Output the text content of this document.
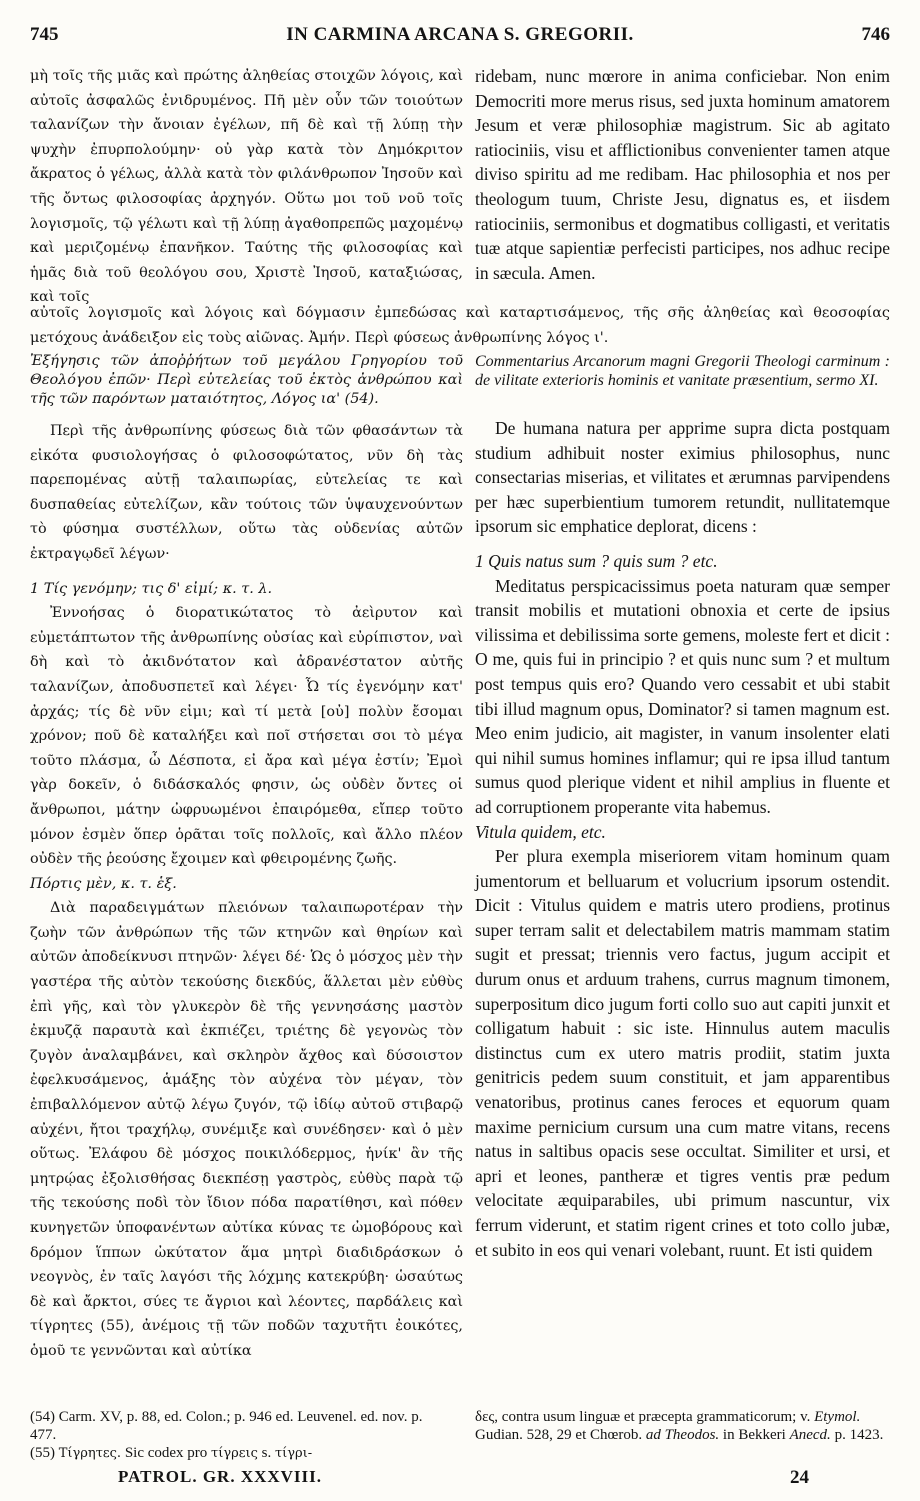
745	IN CARMINA ARCANA S. GREGORII.	746

μὴ τοῖς τῆς μιᾶς καὶ πρώτης ἀληθείας στοιχῶν λόγοις, καὶ αὐτοῖς ἀσφαλῶς ἐνιδρυμένος. Πῆ μὲν οὖν τῶν τοιούτων ταλανίζων τὴν ἄνοιαν ἐγέλων, πῆ δὲ καὶ τῇ λύπῃ τὴν ψυχὴν ἐπυρπολούμην· οὐ γὰρ κατὰ τὸν Δημόκριτον ἄκρατος ὁ γέλως, ἀλλὰ κατὰ τὸν φιλάνθρωπον Ἰησοῦν καὶ τῆς ὄντως φιλοσοφίας ἀρχηγόν. Οὕτω μοι τοῦ νοῦ τοῖς λογισμοῖς, τῷ γέλωτι καὶ τῇ λύπῃ ἀγαθοπρεπῶς μαχομένῳ καὶ μεριζομένῳ ἐπανῆκον. Ταύτης τῆς φιλοσοφίας καὶ ἡμᾶς διὰ τοῦ θεολόγου σου, Χριστὲ Ἰησοῦ, καταξιώσας, καὶ τοῖς

ridebam, nunc mœrore in anima conficiebar. Non enim Democriti more merus risus, sed juxta hominum amatorem Jesum et veræ philosophiæ magistrum. Sic ab agitato ratiociniis, visu et afflictionibus convenienter tamen atque diviso spiritu ad me redibam. Hac philosophia et nos per theologum tuum, Christe Jesu, dignatus es, et iisdem ratiociniis, sermonibus et dogmatibus colligasti, et veritatis tuæ atque sapientiæ perfecisti participes, nos adhuc recipe in sæcula. Amen.

αὐτοῖς λογισμοῖς καὶ λόγοις καὶ δόγμασιν ἐμπεδώσας καὶ καταρτισάμενος, τῆς σῆς ἀληθείας καὶ θεοσοφίας μετόχους ἀνάδειξον εἰς τοὺς αἰῶνας. Ἀμήν. Περὶ φύσεως ἀνθρωπίνης λόγος ι'.

Ἐξήγησις τῶν ἀποῤῥήτων τοῦ μεγάλου Γρηγορίου τοῦ Θεολόγου ἐπῶν· Περὶ εὐτελείας τοῦ ἐκτὸς ἀνθρώπου καὶ τῆς τῶν παρόντων ματαιότητος, Λόγος ια' (54).

Περὶ τῆς ἀνθρωπίνης φύσεως διὰ τῶν φθασάντων τὰ εἰκότα φυσιολογήσας ὁ φιλοσοφώτατος, νῦν δὴ τὰς παρεπομένας αὐτῇ ταλαιπωρίας, εὐτελείας τε καὶ δυσπαθείας εὐτελίζων, κἂν τούτοις τῶν ὑψαυχενούντων τὸ φύσημα συστέλλων, οὕτω τὰς οὐδενίας αὐτῶν ἐκτραγῳδεῖ λέγων·

1 Τίς γενόμην; τις δ' εἰμί; κ. τ. λ.

Ἐννοήσας ὁ διορατικώτατος τὸ ἀεὶρυτον καὶ εὐμετάπτωτον τῆς ἀνθρωπίνης οὐσίας καὶ εὐρίπιστον, ναὶ δὴ καὶ τὸ ἀκιδνότατον καὶ ἀδρανέστατον αὐτῆς ταλανίζων, ἀποδυσπετεῖ καὶ λέγει· Ὦ τίς ἐγενόμην κατ' ἀρχάς; τίς δὲ νῦν εἰμι; καὶ τί μετὰ [οὐ] πολὺν ἔσομαι χρόνον; ποῦ δὲ καταλήξει καὶ ποῖ στήσεται σοι τὸ μέγα τοῦτο πλάσμα, ὦ Δέσποτα, εἰ ἄρα καὶ μέγα ἐστίν; Ἐμοὶ γὰρ δοκεῖν, ὁ διδάσκαλός φησιν, ὡς οὐδὲν ὄντες οἱ ἄνθρωποι, μάτην ὠφρυωμένοι ἐπαιρόμεθα, εἴπερ τοῦτο μόνον ἐσμὲν ὅπερ ὁρᾶται τοῖς πολλοῖς, καὶ ἄλλο πλέον οὐδὲν τῆς ῥεούσης ἔχοιμεν καὶ φθειρομένης ζωῆς.

Πόρτις μὲν, κ. τ. ἑξ.

Διὰ παραδειγμάτων πλειόνων ταλαιπωροτέραν τὴν ζωὴν τῶν ἀνθρώπων τῆς τῶν κτηνῶν καὶ θηρίων καὶ αὐτῶν ἀποδείκνυσι πτηνῶν· λέγει δέ· Ὡς ὁ μόσχος μὲν τὴν γαστέρα τῆς αὐτὸν τεκούσης διεκδύς, ἅλλεται μὲν εὐθὺς ἐπὶ γῆς, καὶ τὸν γλυκερὸν δὲ τῆς γεννησάσης μαστὸν ἐκμυζᾷ παραυτὰ καὶ ἐκπιέζει, τριέτης δὲ γεγονὼς τὸν ζυγὸν ἀναλαμβάνει, καὶ σκληρὸν ἄχθος καὶ δύσοιστον ἐφελκυσάμενος, ἁμάξης τὸν αὐχένα τὸν μέγαν, τὸν ἐπιβαλλόμενον αὐτῷ λέγω ζυγόν, τῷ ἰδίῳ αὐτοῦ στιβαρῷ αὐχένι, ἤτοι τραχήλῳ, συνέμιξε καὶ συνέδησεν· καὶ ὁ μὲν οὕτως. Ἐλάφου δὲ μόσχος ποικιλόδερμος, ἡνίκ' ἂν τῆς μητρῴας ἐξολισθήσας διεκπέσῃ γαστρὸς, εὐθὺς παρὰ τῷ τῆς τεκούσης ποδὶ τὸν ἴδιον πόδα παρατίθησι, καὶ πόθεν κυνηγετῶν ὑποφανέντων αὐτίκα κύνας τε ὠμοβόρους καὶ δρόμον ἵππων ὠκύτατον ἅμα μητρὶ διαδιδράσκων ὁ νεογνὸς, ἐν ταῖς λαγόσι τῆς λόχμης κατεκρύβη· ὡσαύτως δὲ καὶ ἄρκτοι, σύες τε ἄγριοι καὶ λέοντες, παρδάλεις καὶ τίγρητες (55), ἀνέμοις τῇ τῶν ποδῶν ταχυτῆτι ἐοικότες, ὁμοῦ τε γεννῶνται καὶ αὐτίκα

Commentarius Arcanorum magni Gregorii Theologi carminum : de vilitate exterioris hominis et vanitate præsentium, sermo XI.

De humana natura per apprime supra dicta postquam studium adhibuit noster eximius philosophus, nunc consectarias miserias, et vilitates et ærumnas parvipendens per hæc superbientium tumorem retundit, nullitatemque ipsorum sic emphatice deplorat, dicens :

1 Quis natus sum ? quis sum ? etc.

Meditatus perspicacissimus poeta naturam quæ semper transit mobilis et mutationi obnoxia et certe de ipsius vilissima et debilissima sorte gemens, moleste fert et dicit : O me, quis fui in principio ? et quis nunc sum ? et multum post tempus quis ero? Quando vero cessabit et ubi stabit tibi illud magnum opus, Dominator? si tamen magnum est. Meo enim judicio, ait magister, in vanum insolenter elati qui nihil sumus homines inflamur; qui re ipsa illud tantum sumus quod plerique vident et nihil amplius in fluente et ad corruptionem properante vita habemus.

Vitula quidem, etc.

Per plura exempla miseriorem vitam hominum quam jumentorum et belluarum et volucrium ipsorum ostendit. Dicit : Vitulus quidem e matris utero prodiens, protinus super terram salit et delectabilem matris mammam statim sugit et pressat; triennis vero factus, jugum accipit et durum onus et arduum trahens, currus magnum timonem, superpositum dico jugum forti collo suo aut capiti junxit et colligatum habuit : sic iste. Hinnulus autem maculis distinctus cum ex utero matris prodiit, statim juxta genitricis pedem suum constituit, et jam apparentibus venatoribus, protinus canes feroces et equorum quam maxime pernicium cursum una cum matre vitans, recens natus in saltibus opacis sese occultat. Similiter et ursi, et apri et leones, pantheræ et tigres ventis præ pedum velocitate æquiparabiles, ubi primum nascuntur, vix ferrum viderunt, et statim rigent crines et toto collo jubæ, et subito in eos qui venari volebant, ruunt. Et isti quidem

(54) Carm. XV, p. 88, ed. Colon.; p. 946 ed. Leuvenel. ed. nov. p. 477.
(55) Τίγρητες. Sic codex pro τίγρεις s. τίγρι-
δες, contra usum linguæ et præcepta grammaticorum; v. Etymol. Gudian. 528, 29 et Chœrob. ad Theodos. in Bekkeri Anecd. p. 1423.
PATROL. GR. XXXVIII.	24
